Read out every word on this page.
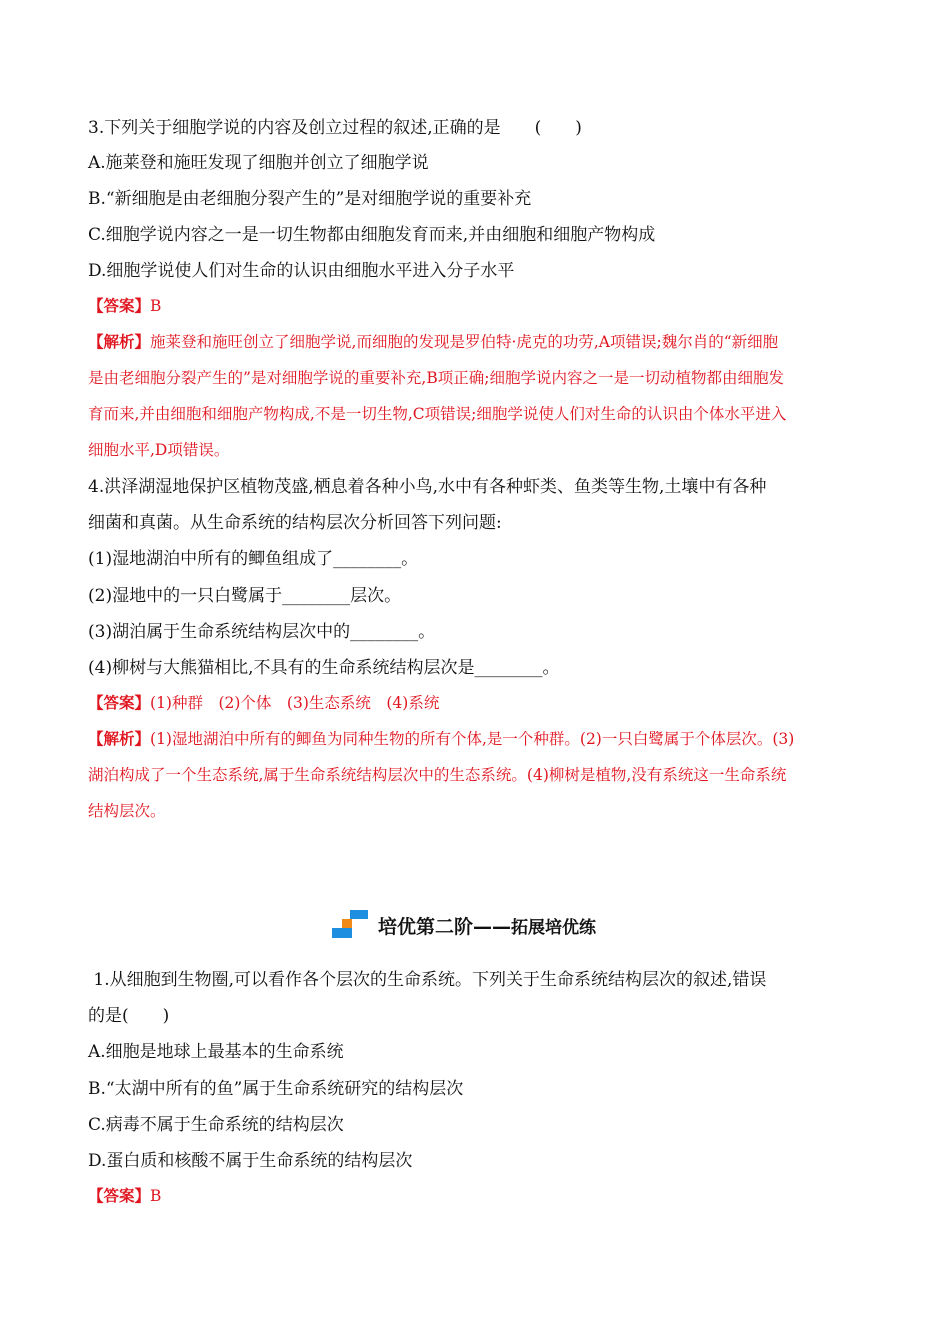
3.下列关于细胞学说的内容及创立过程的叙述,正确的是　　(　　)
A.施莱登和施旺发现了细胞并创立了细胞学说
B.“新细胞是由老细胞分裂产生的”是对细胞学说的重要补充
C.细胞学说内容之一是一切生物都由细胞发育而来,并由细胞和细胞产物构成
D.细胞学说使人们对生命的认识由细胞水平进入分子水平
【答案】B
【解析】施莱登和施旺创立了细胞学说,而细胞的发现是罗伯特·虎克的功劳,A项错误;魏尔肖的“新细胞
是由老细胞分裂产生的”是对细胞学说的重要补充,B项正确;细胞学说内容之一是一切动植物都由细胞发
育而来,并由细胞和细胞产物构成,不是一切生物,C项错误;细胞学说使人们对生命的认识由个体水平进入
细胞水平,D项错误。
4.洪泽湖湿地保护区植物茂盛,栖息着各种小鸟,水中有各种虾类、鱼类等生物,土壤中有各种
细菌和真菌。从生命系统的结构层次分析回答下列问题:
(1)湿地湖泊中所有的鲫鱼组成了________。
(2)湿地中的一只白鹭属于________层次。
(3)湖泊属于生命系统结构层次中的________。
(4)柳树与大熊猫相比,不具有的生命系统结构层次是________。
【答案】(1)种群　(2)个体　(3)生态系统　(4)系统
【解析】(1)湿地湖泊中所有的鲫鱼为同种生物的所有个体,是一个种群。(2)一只白鹭属于个体层次。(3)
湖泊构成了一个生态系统,属于生命系统结构层次中的生态系统。(4)柳树是植物,没有系统这一生命系统
结构层次。
培优第二阶—— 拓展培优练
1.从细胞到生物圈,可以看作各个层次的生命系统。下列关于生命系统结构层次的叙述,错误
的是(　　)
A.细胞是地球上最基本的生命系统
B.“太湖中所有的鱼”属于生命系统研究的结构层次
C.病毒不属于生命系统的结构层次
D.蛋白质和核酸不属于生命系统的结构层次
【答案】B
